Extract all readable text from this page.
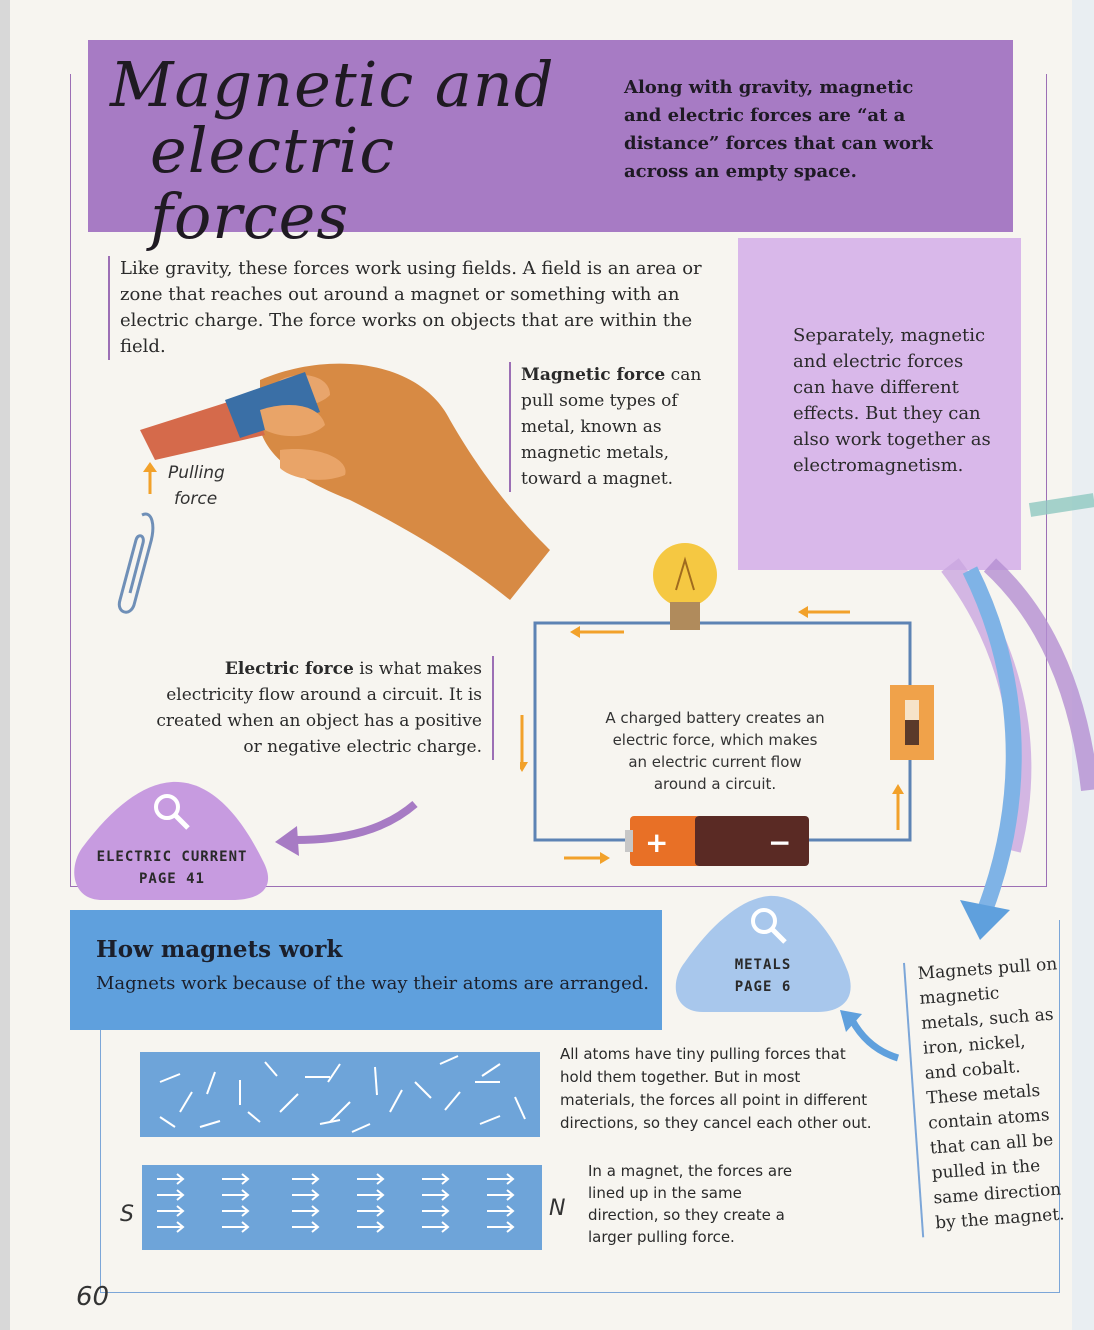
Magnetic and
electric forces
Along with gravity, magnetic and electric forces are “at a distance” forces that can work across an empty space.
Like gravity, these forces work using fields. A field is an area or zone that reaches out around a magnet or something with an electric charge. The force works on objects that are within the field.
Separately, magnetic and electric forces can have different effects. But they can also work together as electromagnetism.
Pulling
force
Magnetic force can pull some types of metal, known as magnetic metals, toward a magnet.
+	−
A charged battery creates an electric force, which makes an electric current flow around a circuit.
Electric force is what makes electricity flow around a circuit. It is created when an object has a positive or negative electric charge.
ELECTRIC CURRENT
PAGE 41
How magnets work
Magnets work because of the way their atoms are arranged.
METALS
PAGE 6
All atoms have tiny pulling forces that hold them together. But in most materials, the forces all point in different directions, so they cancel each other out.
S	N
In a magnet, the forces are lined up in the same direction, so they create a larger pulling force.
Magnets pull on magnetic metals, such as iron, nickel, and cobalt. These metals contain atoms that can all be pulled in the same direction by the magnet.
60
